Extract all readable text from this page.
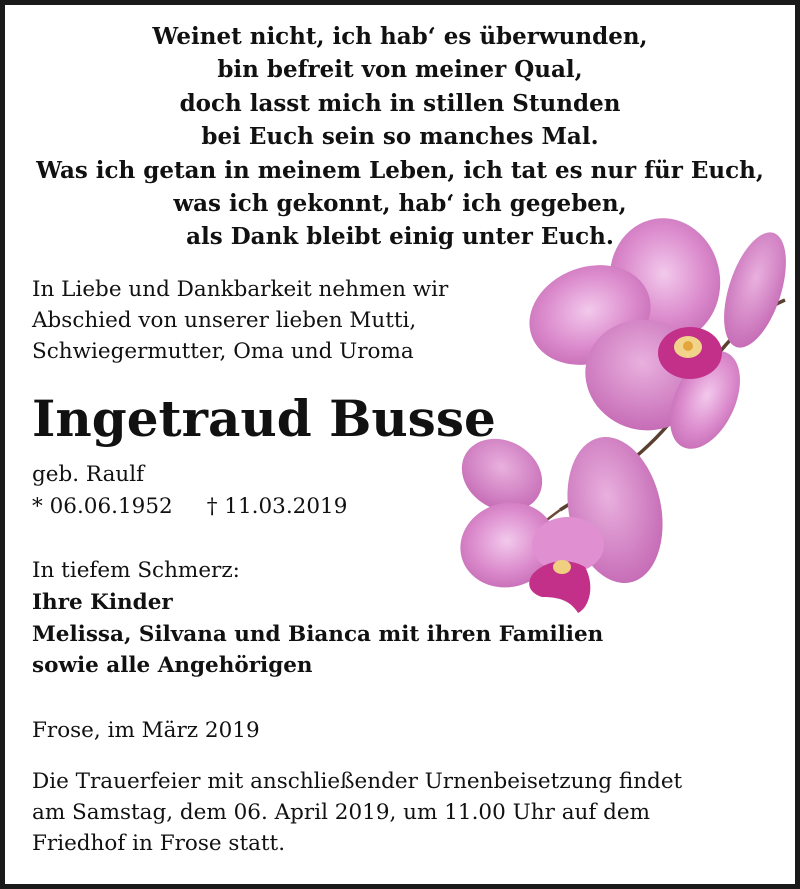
Weinet nicht, ich hab‘ es überwunden,
bin befreit von meiner Qual,
doch lasst mich in stillen Stunden
bei Euch sein so manches Mal.
Was ich getan in meinem Leben, ich tat es nur für Euch,
was ich gekonnt, hab‘ ich gegeben,
als Dank bleibt einig unter Euch.
In Liebe und Dankbarkeit nehmen wir
Abschied von unserer lieben Mutti,
Schwiegermutter, Oma und Uroma
Ingetraud Busse
geb. Raulf
* 06.06.1952 † 11.03.2019
In tiefem Schmerz:
Ihre Kinder
Melissa, Silvana und Bianca mit ihren Familien
sowie alle Angehörigen
Frose, im März 2019
Die Trauerfeier mit anschließender Urnenbeisetzung findet
am Samstag, dem 06. April 2019, um 11.00 Uhr auf dem
Friedhof in Frose statt.
